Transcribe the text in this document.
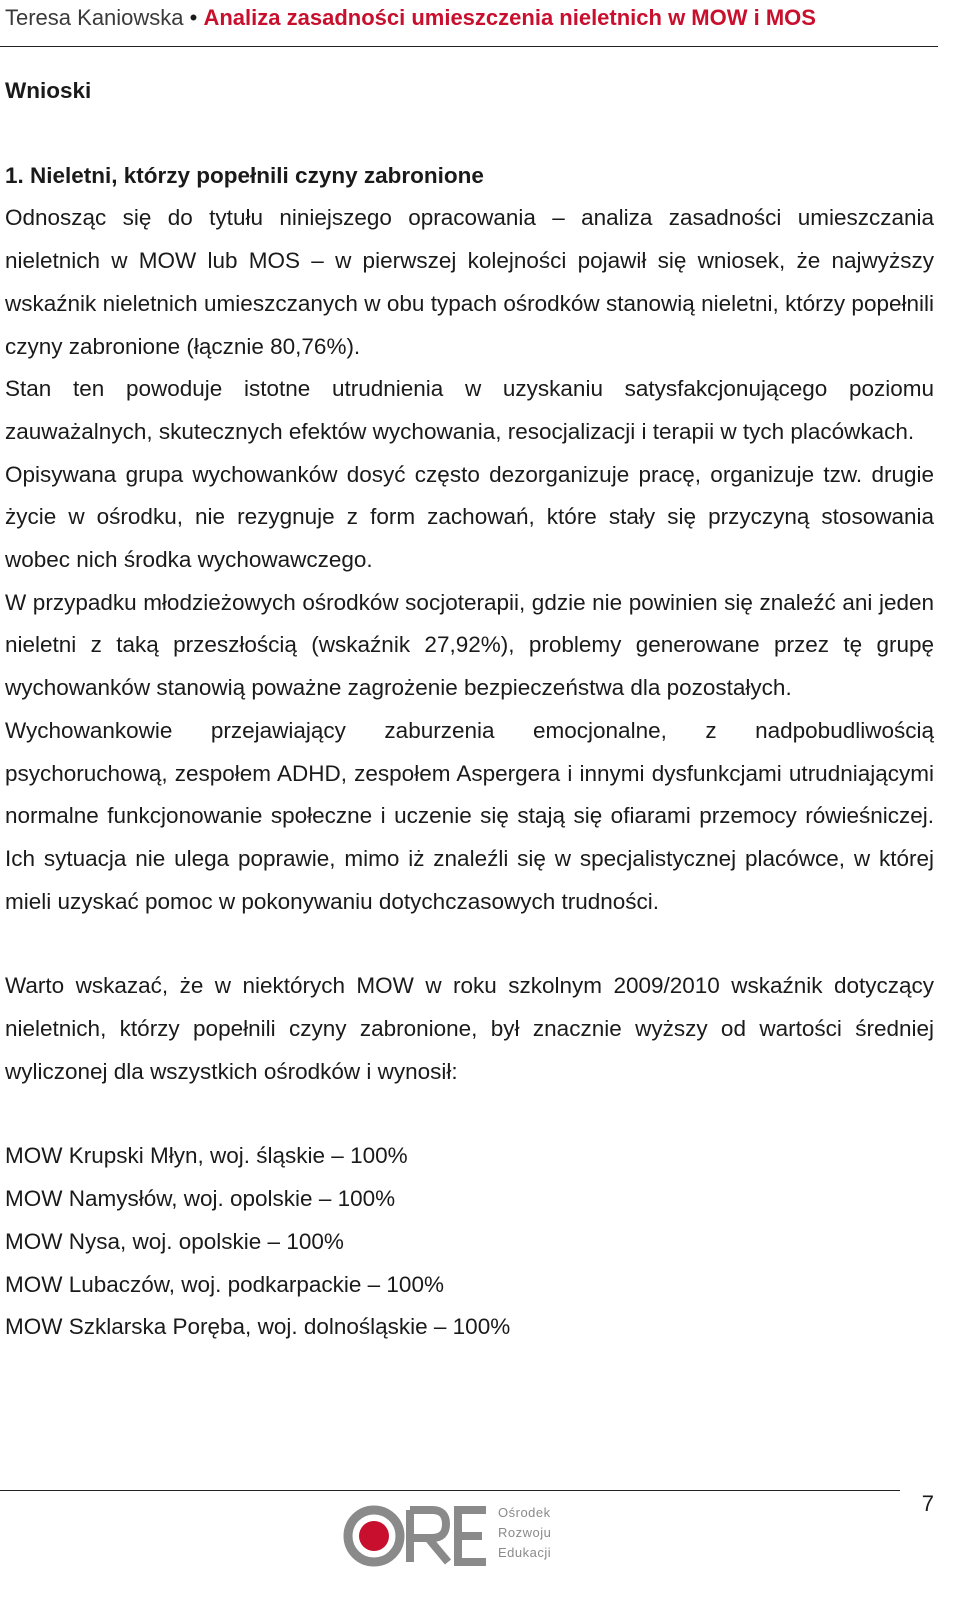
Teresa Kaniowska • Analiza zasadności umieszczenia nieletnich w MOW i MOS

Wnioski

1. Nieletni, którzy popełnili czyny zabronione

Odnosząc się do tytułu niniejszego opracowania – analiza zasadności umieszczania nieletnich w MOW lub MOS – w pierwszej kolejności pojawił się wniosek, że najwyższy wskaźnik nieletnich umieszczanych w obu typach ośrodków stanowią nieletni, którzy popełnili czyny zabronione (łącznie 80,76%).

Stan ten powoduje istotne utrudnienia w uzyskaniu satysfakcjonującego poziomu zauważalnych, skutecznych efektów wychowania, resocjalizacji i terapii w tych placówkach.

Opisywana grupa wychowanków dosyć często dezorganizuje pracę, organizuje tzw. drugie życie w ośrodku, nie rezygnuje z form zachowań, które stały się przyczyną stosowania wobec nich środka wychowawczego.

W przypadku młodzieżowych ośrodków socjoterapii, gdzie nie powinien się znaleźć ani jeden nieletni z taką przeszłością (wskaźnik 27,92%), problemy generowane przez tę grupę wychowanków stanowią poważne zagrożenie bezpieczeństwa dla pozostałych.

Wychowankowie przejawiający zaburzenia emocjonalne, z nadpobudliwością psychoruchową, zespołem ADHD, zespołem Aspergera i innymi dysfunkcjami utrudniającymi normalne funkcjonowanie społeczne i uczenie się stają się ofiarami przemocy rówieśniczej. Ich sytuacja nie ulega poprawie, mimo iż znaleźli się w specjalistycznej placówce, w której mieli uzyskać pomoc w pokonywaniu dotychczasowych trudności.

Warto wskazać, że w niektórych MOW w roku szkolnym 2009/2010 wskaźnik dotyczący nieletnich, którzy popełnili czyny zabronione, był znacznie wyższy od wartości średniej wyliczonej dla wszystkich ośrodków i wynosił:

MOW Krupski Młyn, woj. śląskie – 100%

MOW Namysłów, woj. opolskie – 100%

MOW Nysa, woj. opolskie – 100%

MOW Lubaczów, woj. podkarpackie – 100%

MOW Szklarska Poręba, woj. dolnośląskie – 100%

7
Ośrodek
Rozwoju
Edukacji
